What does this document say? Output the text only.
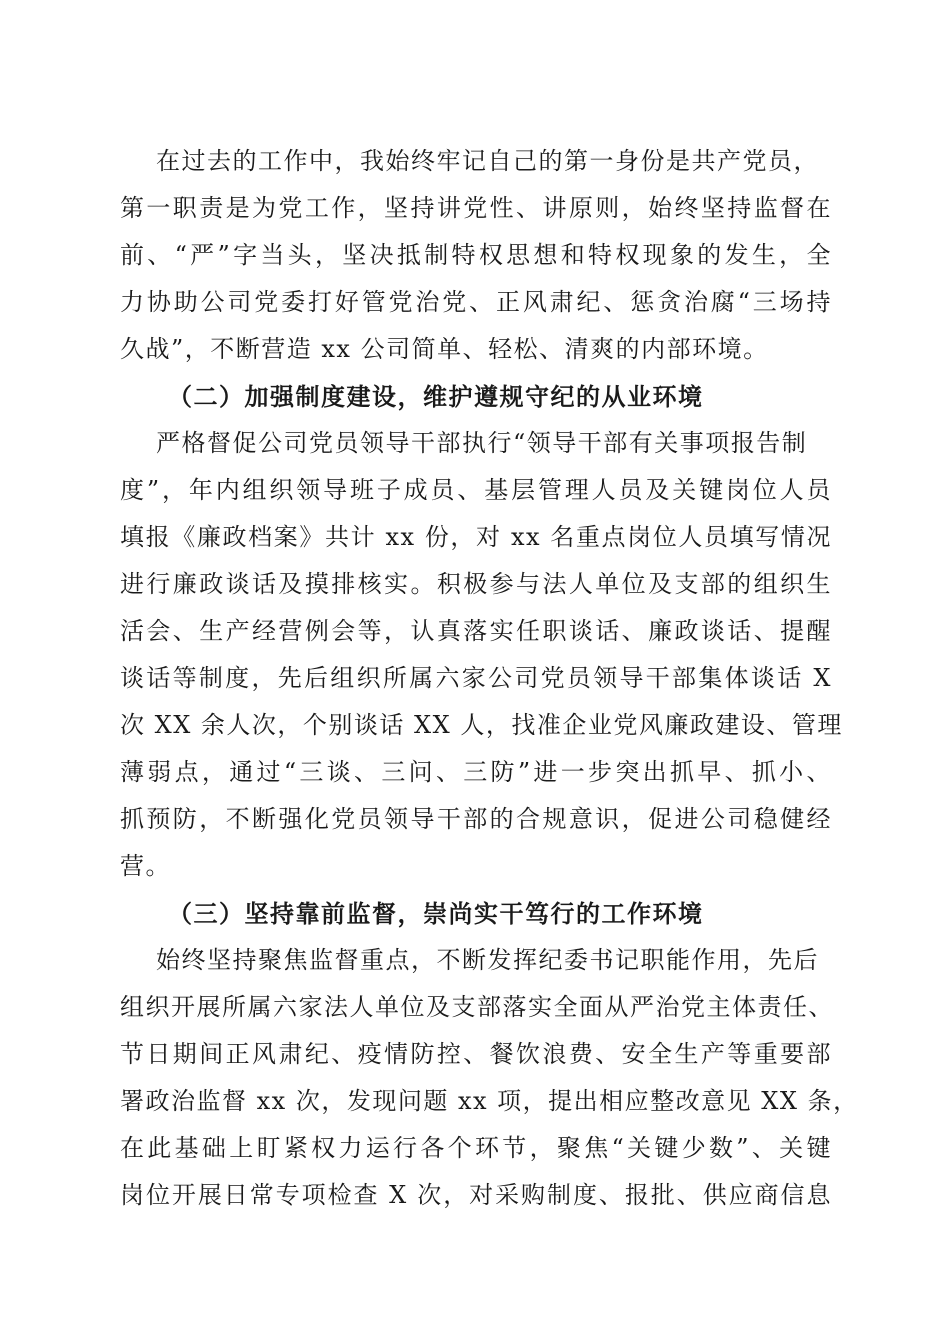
在过去的工作中，我始终牢记自己的第一身份是共产党员，
第一职责是为党工作，坚持讲党性、讲原则，始终坚持监督在
前、“严”字当头，坚决抵制特权思想和特权现象的发生，全
力协助公司党委打好管党治党、正风肃纪、惩贪治腐“三场持
久战”，不断营造 xx 公司简单、轻松、清爽的内部环境。
（二）加强制度建设，维护遵规守纪的从业环境
严格督促公司党员领导干部执行“领导干部有关事项报告制
度”，年内组织领导班子成员、基层管理人员及关键岗位人员
填报《廉政档案》共计 xx 份，对 xx 名重点岗位人员填写情况
进行廉政谈话及摸排核实。积极参与法人单位及支部的组织生
活会、生产经营例会等，认真落实任职谈话、廉政谈话、提醒
谈话等制度，先后组织所属六家公司党员领导干部集体谈话 X
次 XX 余人次，个别谈话 XX 人，找准企业党风廉政建设、管理
薄弱点，通过“三谈、三问、三防”进一步突出抓早、抓小、
抓预防，不断强化党员领导干部的合规意识，促进公司稳健经
营。
（三）坚持靠前监督，崇尚实干笃行的工作环境
始终坚持聚焦监督重点，不断发挥纪委书记职能作用，先后
组织开展所属六家法人单位及支部落实全面从严治党主体责任、
节日期间正风肃纪、疫情防控、餐饮浪费、安全生产等重要部
署政治监督 xx 次，发现问题 xx 项，提出相应整改意见 XX 条，
在此基础上盯紧权力运行各个环节，聚焦“关键少数”、关键
岗位开展日常专项检查 X 次，对采购制度、报批、供应商信息
